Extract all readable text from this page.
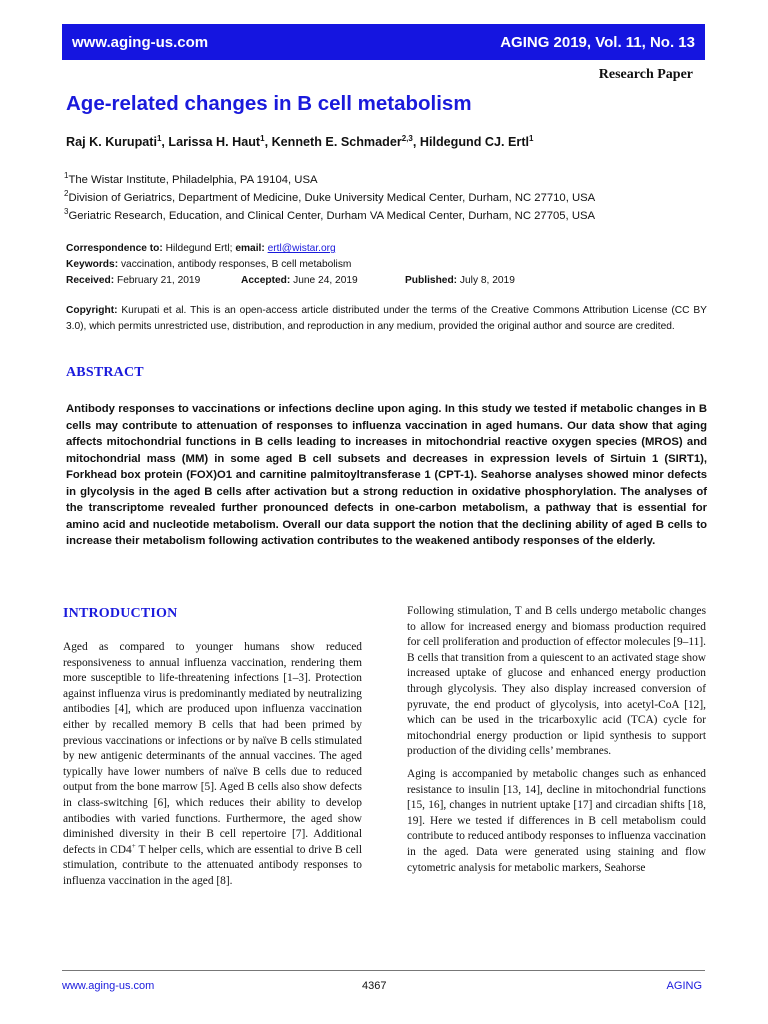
www.aging-us.com	AGING 2019, Vol. 11, No. 13
Research Paper
Age-related changes in B cell metabolism
Raj K. Kurupati$^1$, Larissa H. Haut$^1$, Kenneth E. Schmader$^{2,3}$, Hildegund CJ. Ertl$^1$
$^1$The Wistar Institute, Philadelphia, PA 19104, USA
$^2$Division of Geriatrics, Department of Medicine, Duke University Medical Center, Durham, NC 27710, USA
$^3$Geriatric Research, Education, and Clinical Center, Durham VA Medical Center, Durham, NC 27705, USA
Correspondence to: Hildegund Ertl; email: ertl@wistar.org
Keywords: vaccination, antibody responses, B cell metabolism
Received: February 21, 2019	Accepted: June 24, 2019	Published: July 8, 2019

Copyright: Kurupati et al. This is an open-access article distributed under the terms of the Creative Commons Attribution License (CC BY 3.0), which permits unrestricted use, distribution, and reproduction in any medium, provided the original author and source are credited.

ABSTRACT

Antibody responses to vaccinations or infections decline upon aging. In this study we tested if metabolic changes in B cells may contribute to attenuation of responses to influenza vaccination in aged humans. Our data show that aging affects mitochondrial functions in B cells leading to increases in mitochondrial reactive oxygen species (MROS) and mitochondrial mass (MM) in some aged B cell subsets and decreases in expression levels of Sirtuin 1 (SIRT1), Forkhead box protein (FOX)O1 and carnitine palmitoyltransferase 1 (CPT-1). Seahorse analyses showed minor defects in glycolysis in the aged B cells after activation but a strong reduction in oxidative phosphorylation. The analyses of the transcriptome revealed further pronounced defects in one-carbon metabolism, a pathway that is essential for amino acid and nucleotide metabolism. Overall our data support the notion that the declining ability of aged B cells to increase their metabolism following activation contributes to the weakened antibody responses of the elderly.

INTRODUCTION

Aged as compared to younger humans show reduced responsiveness to annual influenza vaccination, rendering them more susceptible to life-threatening infections [1–3]. Protection against influenza virus is predominantly mediated by neutralizing antibodies [4], which are produced upon influenza vaccination either by recalled memory B cells that had been primed by previous vaccinations or infections or by naïve B cells stimulated by new antigenic determinants of the annual vaccines. The aged typically have lower numbers of naïve B cells due to reduced output from the bone marrow [5]. Aged B cells also show defects in class-switching [6], which reduces their ability to develop antibodies with varied functions. Furthermore, the aged show diminished diversity in their B cell repertoire [7]. Additional defects in CD4+ T helper cells, which are essential to drive B cell stimulation, contribute to the attenuated antibody responses to influenza vaccination in the aged [8].

Following stimulation, T and B cells undergo metabolic changes to allow for increased energy and biomass production required for cell proliferation and production of effector molecules [9–11]. B cells that transition from a quiescent to an activated stage show increased uptake of glucose and enhanced energy production through glycolysis. They also display increased conversion of pyruvate, the end product of glycolysis, into acetyl-CoA [12], which can be used in the tricarboxylic acid (TCA) cycle for mitochondrial energy production or lipid synthesis to support production of the dividing cells’ membranes.

Aging is accompanied by metabolic changes such as enhanced resistance to insulin [13, 14], decline in mitochondrial functions [15, 16], changes in nutrient uptake [17] and circadian shifts [18, 19]. Here we tested if differences in B cell metabolism could contribute to reduced antibody responses to influenza vaccination in the aged. Data were generated using staining and flow cytometric analysis for metabolic markers, Seahorse

www.aging-us.com	4367	AGING
